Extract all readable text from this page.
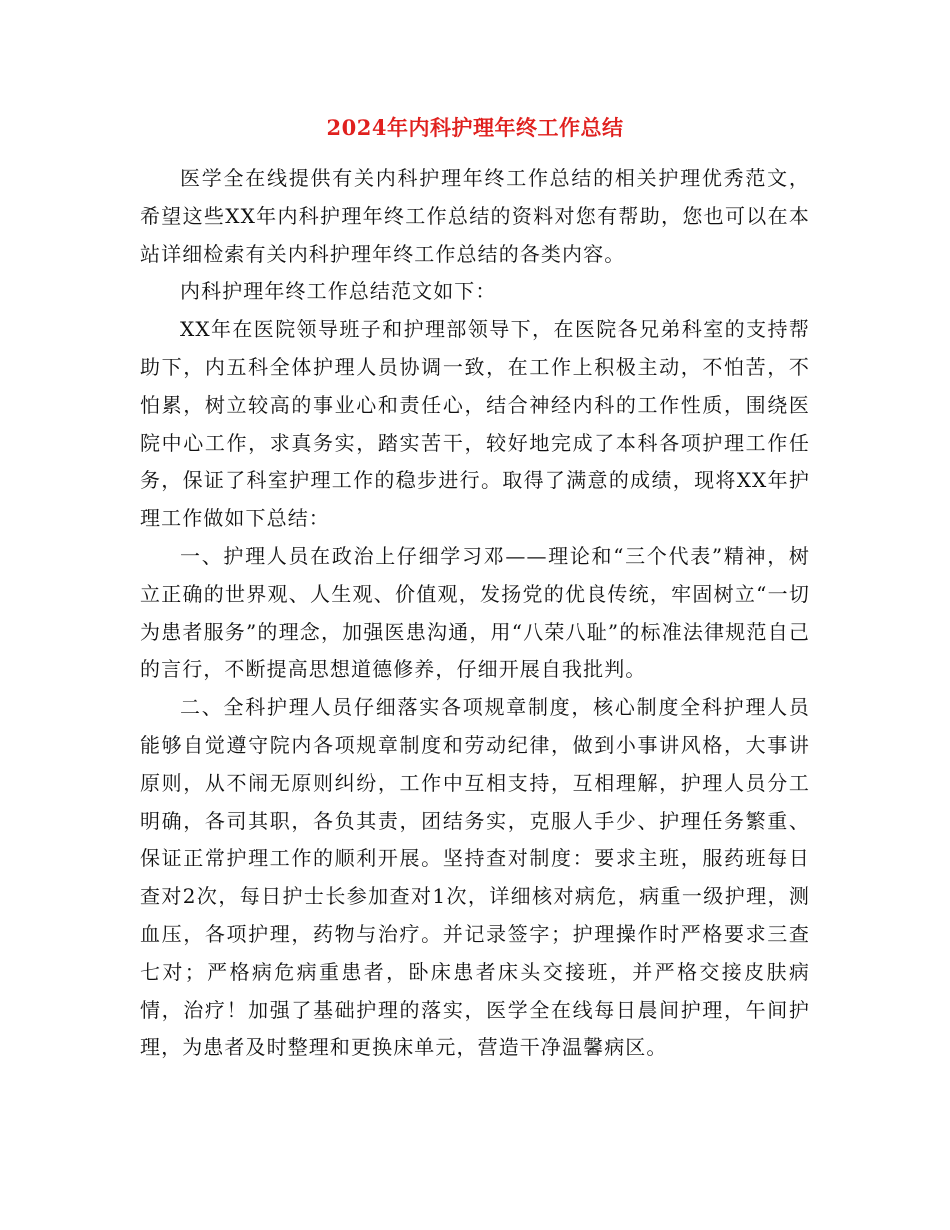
2024年内科护理年终工作总结

医学全在线提供有关内科护理年终工作总结的相关护理优秀范文，希望这些XX年内科护理年终工作总结的资料对您有帮助，您也可以在本站详细检索有关内科护理年终工作总结的各类内容。

内科护理年终工作总结范文如下：

XX年在医院领导班子和护理部领导下，在医院各兄弟科室的支持帮助下，内五科全体护理人员协调一致，在工作上积极主动，不怕苦，不怕累，树立较高的事业心和责任心，结合神经内科的工作性质，围绕医院中心工作，求真务实，踏实苦干，较好地完成了本科各项护理工作任务，保证了科室护理工作的稳步进行。取得了满意的成绩，现将XX年护理工作做如下总结：

一、护理人员在政治上仔细学习邓——理论和“三个代表”精神，树立正确的世界观、人生观、价值观，发扬党的优良传统，牢固树立“一切为患者服务”的理念，加强医患沟通，用“八荣八耻”的标准法律规范自己的言行，不断提高思想道德修养，仔细开展自我批判。

二、全科护理人员仔细落实各项规章制度，核心制度全科护理人员能够自觉遵守院内各项规章制度和劳动纪律，做到小事讲风格，大事讲原则，从不闹无原则纠纷，工作中互相支持，互相理解，护理人员分工明确，各司其职，各负其责，团结务实，克服人手少、护理任务繁重、保证正常护理工作的顺利开展。坚持查对制度：要求主班，服药班每日查对2次，每日护士长参加查对1次，详细核对病危，病重一级护理，测血压，各项护理，药物与治疗。并记录签字；护理操作时严格要求三查七对；严格病危病重患者，卧床患者床头交接班，并严格交接皮肤病情，治疗！加强了基础护理的落实，医学全在线每日晨间护理，午间护理，为患者及时整理和更换床单元，营造干净温馨病区。
